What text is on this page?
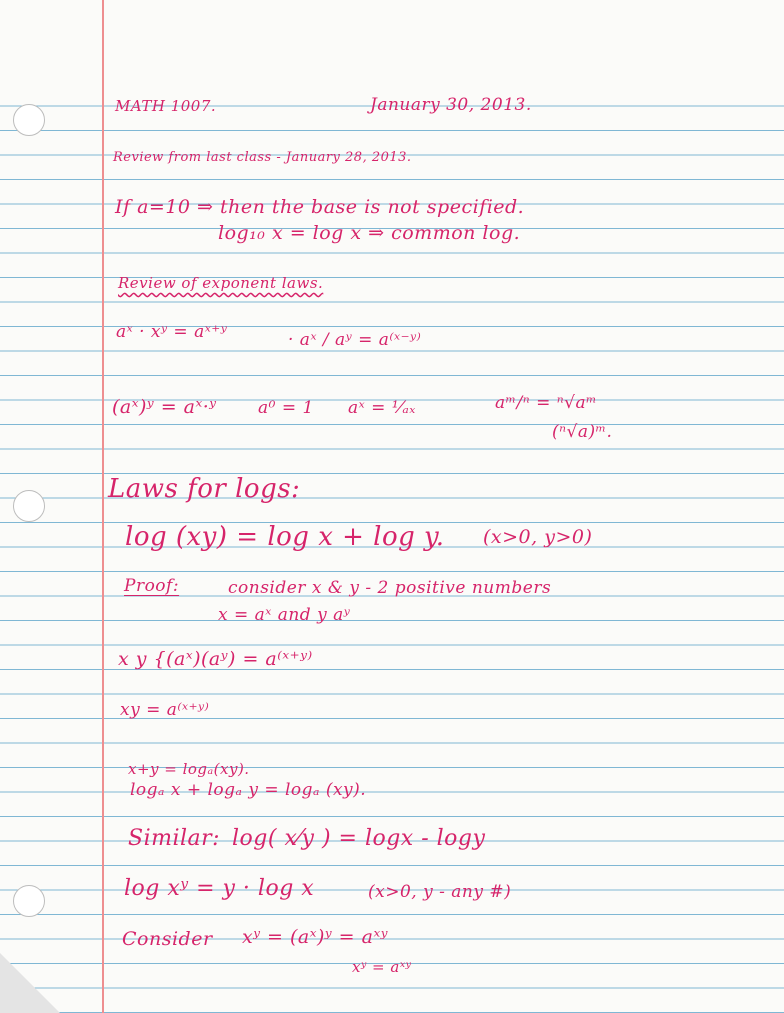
MATH 1007.	January 30, 2013.
Review from last class - January 28, 2013.
If a=10 ⇒ then the base is not specified.
log₁₀ x = log x ⇒ common log.
Review of exponent laws.
aˣ · xʸ = aˣ⁺ʸ	· aˣ / aʸ = a⁽ˣ⁻ʸ⁾
(aˣ)ʸ = aˣ·ʸ a⁰ = 1 aˣ = ¹⁄ₐₓ	aᵐ/ⁿ = ⁿ√aᵐ
(ⁿ√a)ᵐ.
Laws for logs:
log (xy) = log x + log y. (x>0, y>0)
Proof:	consider x & y - 2 positive numbers
x = aˣ and y aʸ
x y {(aˣ)(aʸ) = a⁽ˣ⁺ʸ⁾
xy = a⁽ˣ⁺ʸ⁾
x+y = logₐ(xy).
logₐ x + logₐ y = logₐ (xy).
Similar: log( x⁄y ) = logx - logy
log xʸ = y · log x	(x>0, y - any #)
Consider xʸ = (aˣ)ʸ = aˣʸ
xʸ = aˣʸ
